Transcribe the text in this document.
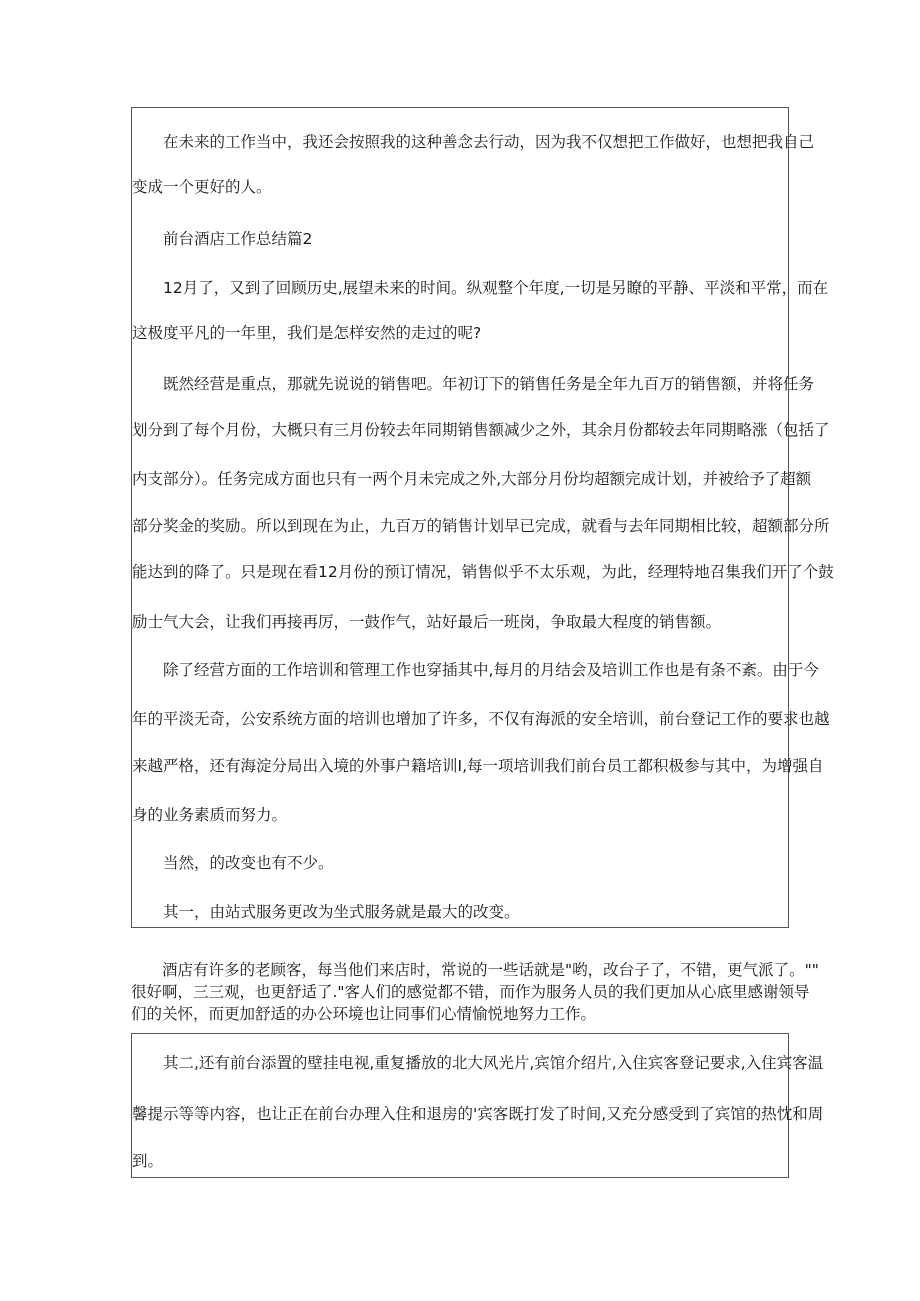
　　在未来的工作当中，我还会按照我的这种善念去行动，因为我不仅想把工作做好，也想把我自己
变成一个更好的人。
　　前台酒店工作总结篇2
　　12月了，又到了回顾历史,展望未来的时间。纵观整个年度,一切是另瞭的平静、平淡和平常，而在
这极度平凡的一年里，我们是怎样安然的走过的呢?
　　既然经营是重点，那就先说说的销售吧。年初订下的销售任务是全年九百万的销售额，并将任务
划分到了每个月份，大概只有三月份较去年同期销售额减少之外，其余月份都较去年同期略涨（包括了
内支部分）。任务完成方面也只有一两个月未完成之外,大部分月份均超额完成计划，并被给予了超额
部分奖金的奖励。所以到现在为止，九百万的销售计划早已完成，就看与去年同期相比较，超额部分所
能达到的降了。只是现在看12月份的预订情况，销售似乎不太乐观，为此，经理特地召集我们开了个鼓
励士气大会，让我们再接再厉，一鼓作气，站好最后一班岗，争取最大程度的销售额。
　　除了经营方面的工作培训和管理工作也穿插其中,每月的月结会及培训工作也是有条不紊。由于今
年的平淡无奇，公安系统方面的培训也增加了许多，不仅有海派的安全培训，前台登记工作的要求也越
来越严格，还有海淀分局出入境的外事户籍培训I,每一项培训我们前台员工都积极参与其中，为增强自
身的业务素质而努力。
　　当然，的改变也有不少。
　　其一，由站式服务更改为坐式服务就是最大的改变。
　　酒店有许多的老顾客，每当他们来店时，常说的一些话就是"哟，改台子了，不错，更气派了。""
很好啊，三三观，也更舒适了."客人们的感觉都不错，而作为服务人员的我们更加从心底里感谢领导
们的关怀，而更加舒适的办公环境也让同事们心情愉悦地努力工作。
　　其二,还有前台添置的壁挂电视,重复播放的北大风光片,宾馆介绍片,入住宾客登记要求,入住宾客温
馨提示等等内容，也让正在前台办理入住和退房的'宾客既打发了时间,又充分感受到了宾馆的热忱和周
到。
